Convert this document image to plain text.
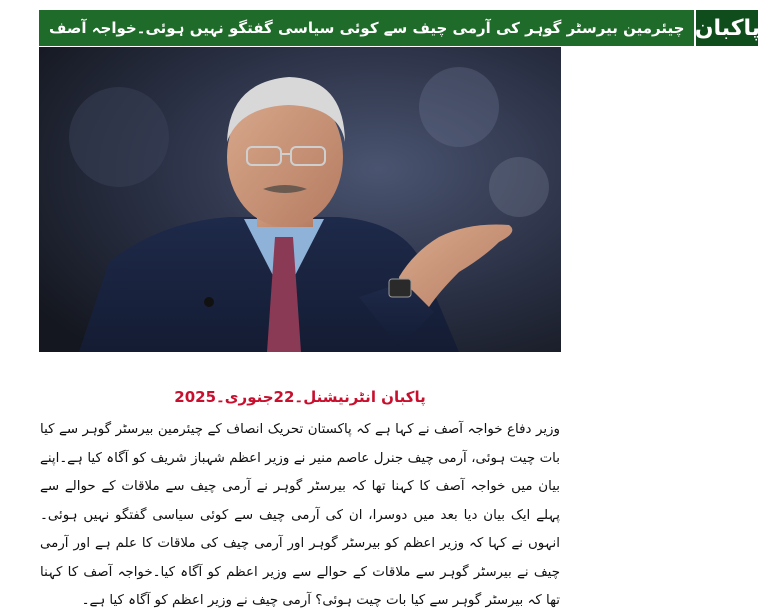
چیئرمین بیرسٹر گوہر کی آرمی چیف سے کوئی سیاسی گفتگو نہیں ہوئی۔خواجہ آصف پاکبان
پاکبان انٹرنیشنل۔22جنوری۔2025
وزیر دفاع خواجہ آصف نے کہا ہے کہ پاکستان تحریک انصاف کے چیئرمین بیرسٹر گوہر سے کیا بات چیت ہوئی، آرمی چیف جنرل عاصم منیر نے وزیر اعظم شہباز شریف کو آگاہ کیا ہے۔اپنے بیان میں خواجہ آصف کا کہنا تھا کہ بیرسٹر گوہر نے آرمی چیف سے ملاقات کے حوالے سے پہلے ایک بیان دیا بعد میں دوسرا، ان کی آرمی چیف سے کوئی سیاسی گفتگو نہیں ہوئی۔انہوں نے کہا کہ وزیر اعظم کو بیرسٹر گوہر اور آرمی چیف کی ملاقات کا علم ہے اور آرمی چیف نے بیرسٹر گوہر سے ملاقات کے حوالے سے وزیر اعظم کو آگاہ کیا۔خواجہ آصف کا کہنا تھا کہ بیرسٹر گوہر سے کیا بات چیت ہوئی؟ آرمی چیف نے وزیر اعظم کو آگاہ کیا ہے۔
